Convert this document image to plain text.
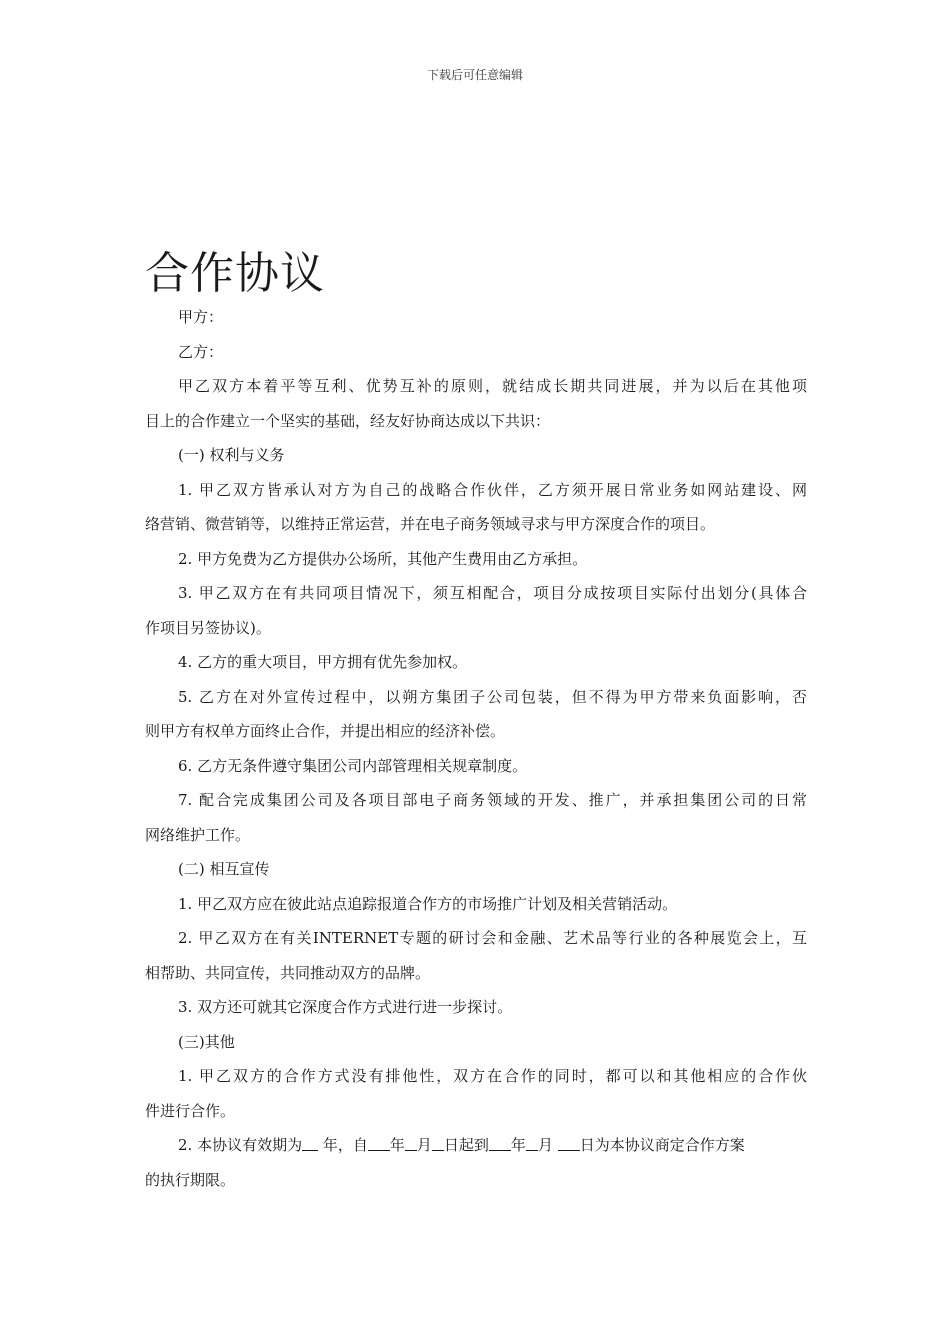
下载后可任意编辑
合作协议
甲方：
乙方：
甲乙双方本着平等互利、优势互补的原则，就结成长期共同进展，并为以后在其他项
目上的合作建立一个坚实的基础，经友好协商达成以下共识：
(一) 权利与义务
1. 甲乙双方皆承认对方为自己的战略合作伙伴，乙方须开展日常业务如网站建设、网
络营销、微营销等，以维持正常运营，并在电子商务领域寻求与甲方深度合作的项目。
2. 甲方免费为乙方提供办公场所，其他产生费用由乙方承担。
3. 甲乙双方在有共同项目情况下，须互相配合，项目分成按项目实际付出划分(具体合
作项目另签协议)。
4. 乙方的重大项目，甲方拥有优先参加权。
5. 乙方在对外宣传过程中，以朔方集团子公司包装，但不得为甲方带来负面影响，否
则甲方有权单方面终止合作，并提出相应的经济补偿。
6. 乙方无条件遵守集团公司内部管理相关规章制度。
7. 配合完成集团公司及各项目部电子商务领域的开发、推广，并承担集团公司的日常
网络维护工作。
(二) 相互宣传
1. 甲乙双方应在彼此站点追踪报道合作方的市场推广计划及相关营销活动。
2. 甲乙双方在有关INTERNET专题的研讨会和金融、艺术品等行业的各种展览会上，互
相帮助、共同宣传，共同推动双方的品牌。
3. 双方还可就其它深度合作方式进行进一步探讨。
(三)其他
1. 甲乙双方的合作方式没有排他性，双方在合作的同时，都可以和其他相应的合作伙
件进行合作。
2. 本协议有效期为 年，自 年 月 日起到 年 月 日为本协议商定合作方案
的执行期限。
